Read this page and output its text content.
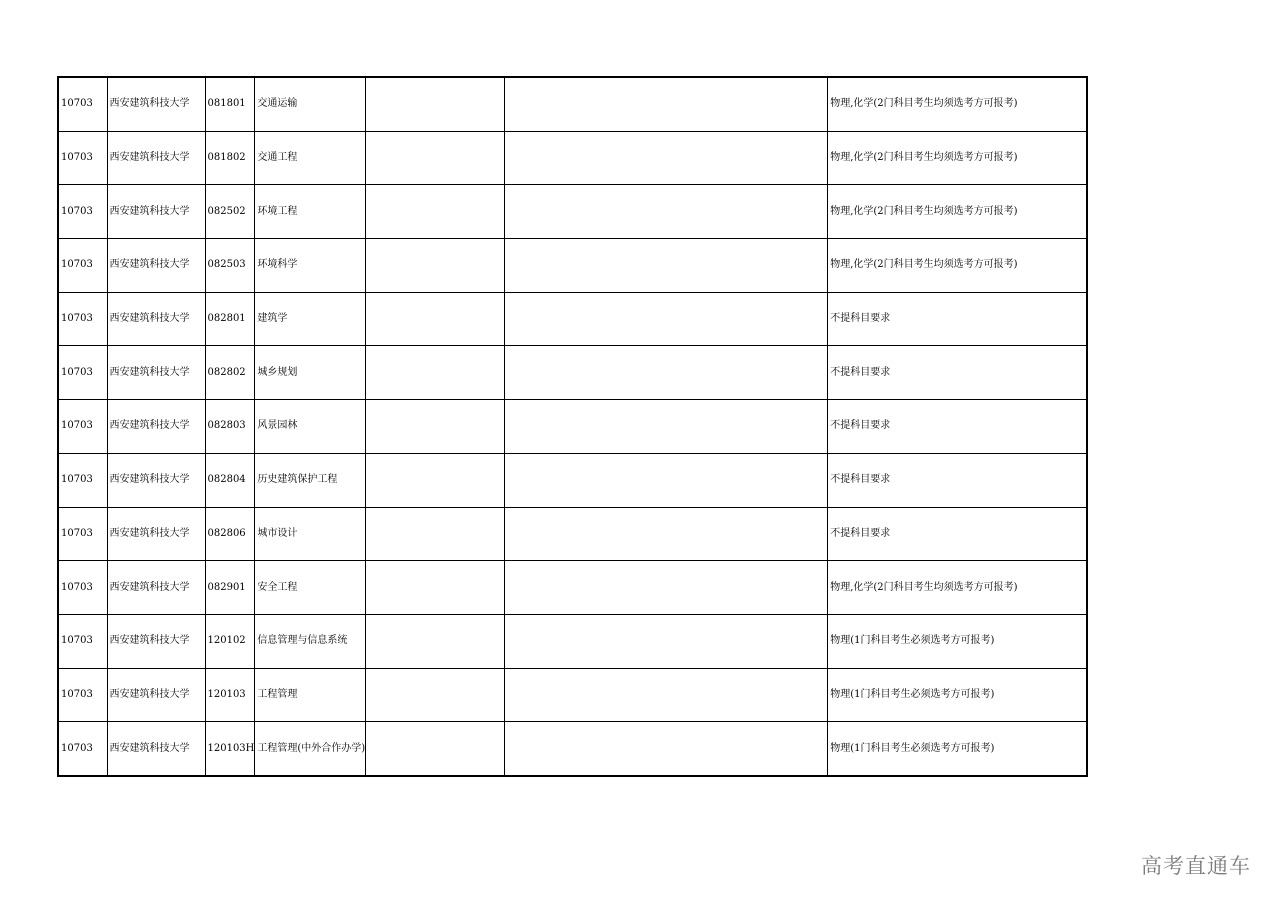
10703	西安建筑科技大学	081801	交通运输			物理,化学(2门科目考生均须选考方可报考)
10703	西安建筑科技大学	081802	交通工程			物理,化学(2门科目考生均须选考方可报考)
10703	西安建筑科技大学	082502	环境工程			物理,化学(2门科目考生均须选考方可报考)
10703	西安建筑科技大学	082503	环境科学			物理,化学(2门科目考生均须选考方可报考)
10703	西安建筑科技大学	082801	建筑学			不提科目要求
10703	西安建筑科技大学	082802	城乡规划			不提科目要求
10703	西安建筑科技大学	082803	风景园林			不提科目要求
10703	西安建筑科技大学	082804	历史建筑保护工程			不提科目要求
10703	西安建筑科技大学	082806	城市设计			不提科目要求
10703	西安建筑科技大学	082901	安全工程			物理,化学(2门科目考生均须选考方可报考)
10703	西安建筑科技大学	120102	信息管理与信息系统			物理(1门科目考生必须选考方可报考)
10703	西安建筑科技大学	120103	工程管理			物理(1门科目考生必须选考方可报考)
10703	西安建筑科技大学	120103H	工程管理(中外合作办学)			物理(1门科目考生必须选考方可报考)
高考直通车
